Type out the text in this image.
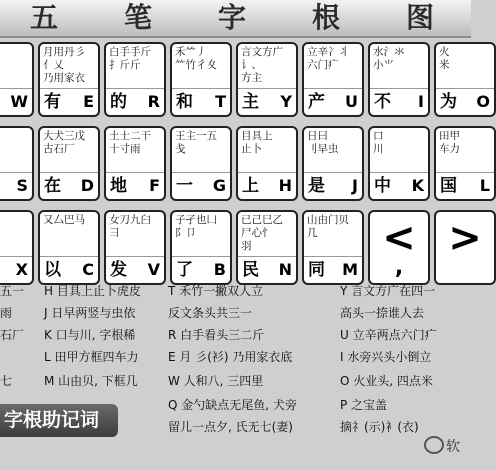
五 笔 字 根 图
W
月用丹彡
亻乂
乃用家衣
有 E
白手手斤
⺘斤斤

的 R
禾⺮丿
⺮竹彳夊

和 T
言文方广
讠、
方主
主 Y
立辛冫丬
六门疒

产 U
水氵氺
小⺌

不 I
火
米

为 O
S
大犬三戊
古石厂

在 D
土士二干
十寸雨

地 F
王主一五
戋

一 G
目具上
止卜

上 H
日曰
刂早虫

是 J
口
川

中 K
田甲
车力

国 L
X
又厶巴马

以 C
女刀九臼
彐

发 V
子孑也凵
阝卩

了 B
已己巳乙
尸心忄
羽
民 N
山由门贝
几

同 M
<
,
>
五一
雨
石厂
七
H 目具上止卜虎皮
J 日早两竖与虫依
K 口与川, 字根稀
L 田甲方框四车力
M 山由贝, 下框几
T 禾竹一撇双人立
反文条头共三一
R 白手看头三二斤
E 月 彡(衫) 乃用家衣底
W 人和八, 三四里
Q 金勺缺点无尾鱼, 犬旁
留儿一点夕, 氏无七(妻)
Y 言文方广在四一
高头一捺谁人去
U 立辛两点六门疒
I 水旁兴头小倒立
O 火业头, 四点米
P 之宝盖
摘礻(示)衤(衣)
字根助记词
软
